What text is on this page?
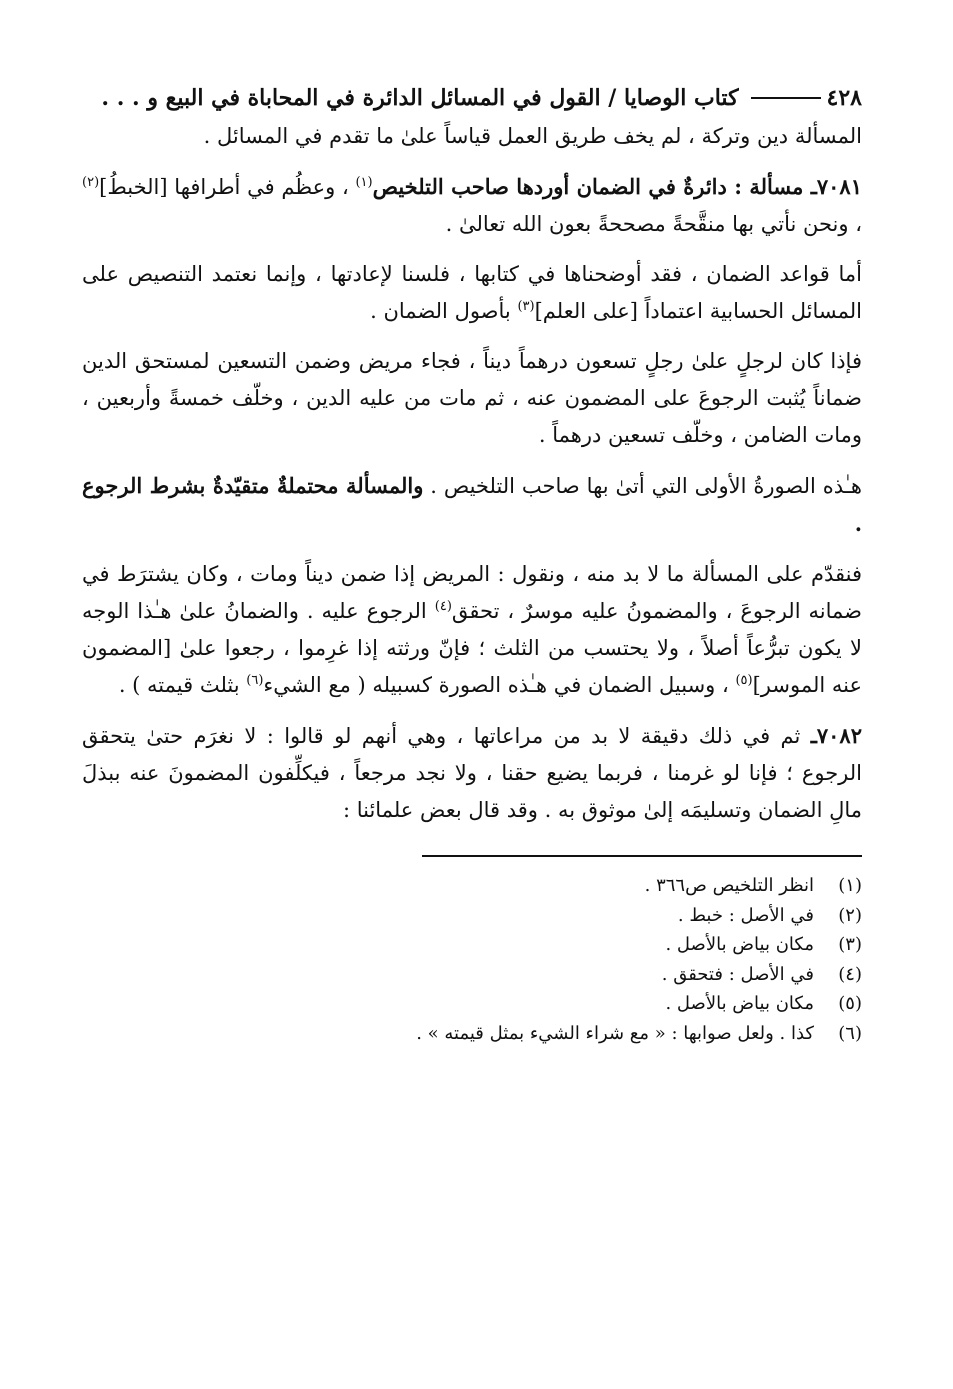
٤٢٨
كتاب الوصايا / القول في المسائل الدائرة في المحاباة في البيع و . . .

المسألة دين وتركة ، لم يخف طريق العمل قياساً علىٰ ما تقدم في المسائل .

٧٠٨١ـ مسألة : دائرةٌ في الضمان أوردها صاحب التلخيص$^{(١)}$ ، وعظُم في أطرافها [الخبطُ]$^{(٢)}$ ، ونحن نأتي بها منقَّحةً مصححةً بعون الله تعالىٰ .

أما قواعد الضمان ، فقد أوضحناها في كتابها ، فلسنا لإعادتها ، وإنما نعتمد التنصيص على المسائل الحسابية اعتماداً [على العلم]$^{(٣)}$ بأصول الضمان .

فإذا كان لرجلٍ علىٰ رجلٍ تسعون درهماً ديناً ، فجاء مريض وضمن التسعين لمستحق الدين ضماناً يُثبت الرجوعَ على المضمون عنه ، ثم مات من عليه الدين ، وخلّف خمسةً وأربعين ، ومات الضامن ، وخلّف تسعين درهماً .

هـٰذه الصورةُ الأولى التي أتىٰ بها صاحب التلخيص . والمسألة محتملةٌ متقيّدةٌ بشرط الرجوع .

فنقدّم على المسألة ما لا بد منه ، ونقول : المريض إذا ضمن ديناً ومات ، وكان يشترَط في ضمانه الرجوعَ ، والمضمونُ عليه موسرٌ ، تحقق$^{(٤)}$ الرجوع عليه . والضمانُ علىٰ هـٰذا الوجه لا يكون تبرُّعاً أصلاً ، ولا يحتسب من الثلث ؛ فإنّ ورثته إذا غرِموا ، رجعوا علىٰ [المضمون عنه الموسر]$^{(٥)}$ ، وسبيل الضمان في هـٰذه الصورة كسبيله ( مع الشيء$^{(٦)}$ بثلث قيمته ) .

٧٠٨٢ـ ثم في ذلك دقيقة لا بد من مراعاتها ، وهي أنهم لو قالوا : لا نغرَم حتىٰ يتحقق الرجوع ؛ فإنا لو غرمنا ، فربما يضيع حقنا ، ولا نجد مرجعاً ، فيكلِّفون المضمونَ عنه ببذلَ مالِ الضمان وتسليمَه إلىٰ موثوق به . وقد قال بعض علمائنا :

(١)
انظر التلخيص ص٣٦٦ .
(٢)
في الأصل : خبط .
(٣)
مكان بياض بالأصل .
(٤)
في الأصل : فتحقق .
(٥)
مكان بياض بالأصل .
(٦)
كذا . ولعل صوابها : « مع شراء الشيء بمثل قيمته » .
